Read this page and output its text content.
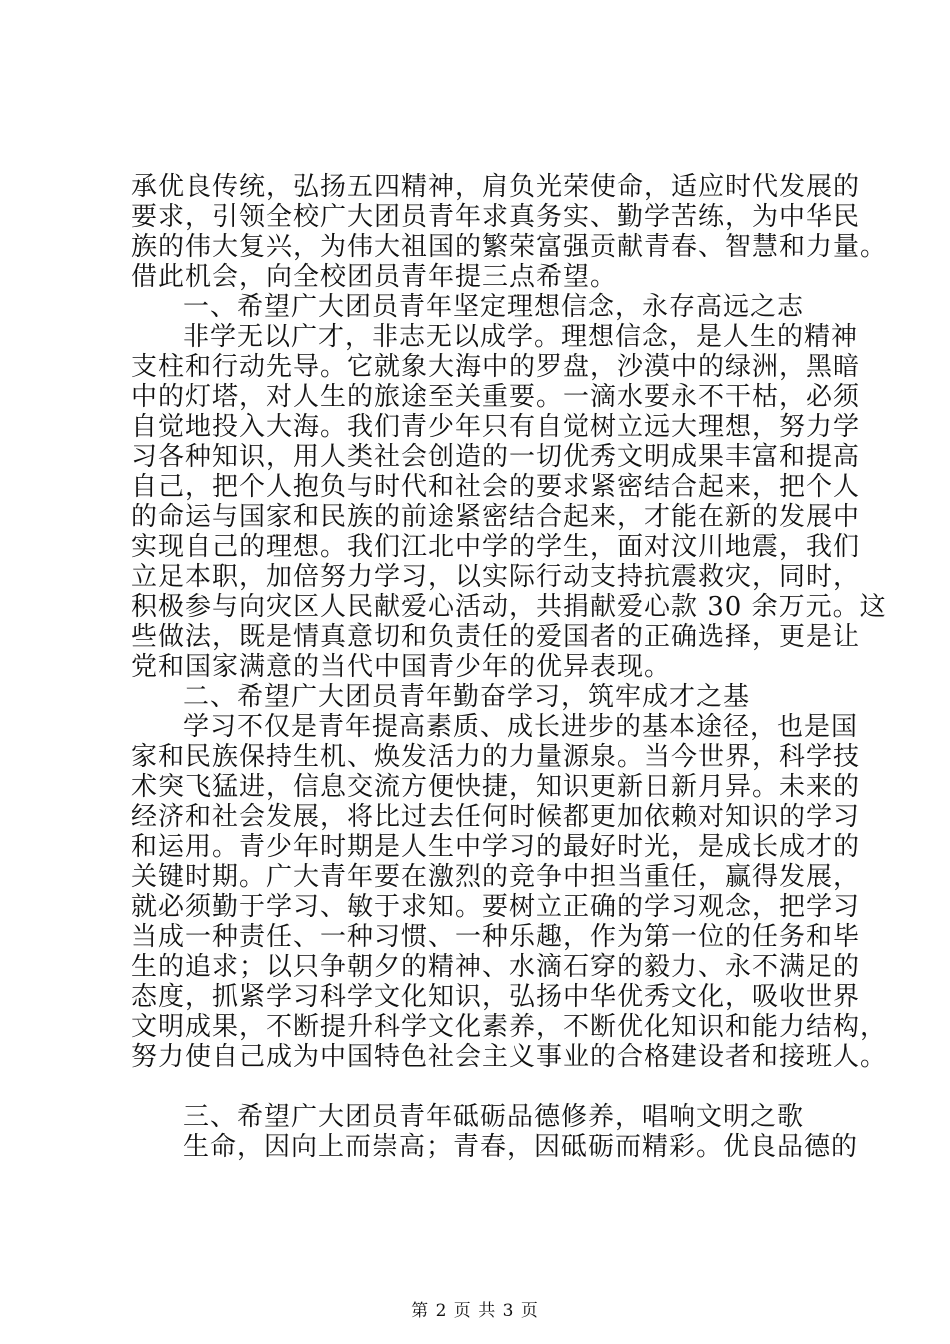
承优良传统，弘扬五四精神，肩负光荣使命，适应时代发展的
要求，引领全校广大团员青年求真务实、勤学苦练，为中华民
族的伟大复兴，为伟大祖国的繁荣富强贡献青春、智慧和力量。
借此机会，向全校团员青年提三点希望。
一、希望广大团员青年坚定理想信念，永存高远之志
非学无以广才，非志无以成学。理想信念，是人生的精神
支柱和行动先导。它就象大海中的罗盘，沙漠中的绿洲，黑暗
中的灯塔，对人生的旅途至关重要。一滴水要永不干枯，必须
自觉地投入大海。我们青少年只有自觉树立远大理想，努力学
习各种知识，用人类社会创造的一切优秀文明成果丰富和提高
自己，把个人抱负与时代和社会的要求紧密结合起来，把个人
的命运与国家和民族的前途紧密结合起来，才能在新的发展中
实现自己的理想。我们江北中学的学生，面对汶川地震，我们
立足本职，加倍努力学习，以实际行动支持抗震救灾，同时，
积极参与向灾区人民献爱心活动，共捐献爱心款 30 余万元。这
些做法，既是情真意切和负责任的爱国者的正确选择，更是让
党和国家满意的当代中国青少年的优异表现。
二、希望广大团员青年勤奋学习，筑牢成才之基
学习不仅是青年提高素质、成长进步的基本途径，也是国
家和民族保持生机、焕发活力的力量源泉。当今世界，科学技
术突飞猛进，信息交流方便快捷，知识更新日新月异。未来的
经济和社会发展，将比过去任何时候都更加依赖对知识的学习
和运用。青少年时期是人生中学习的最好时光，是成长成才的
关键时期。广大青年要在激烈的竞争中担当重任，赢得发展，
就必须勤于学习、敏于求知。要树立正确的学习观念，把学习
当成一种责任、一种习惯、一种乐趣，作为第一位的任务和毕
生的追求；以只争朝夕的精神、水滴石穿的毅力、永不满足的
态度，抓紧学习科学文化知识，弘扬中华优秀文化，吸收世界
文明成果，不断提升科学文化素养，不断优化知识和能力结构，
努力使自己成为中国特色社会主义事业的合格建设者和接班人。
三、希望广大团员青年砥砺品德修养，唱响文明之歌
生命，因向上而崇高；青春，因砥砺而精彩。优良品德的
第 2 页 共 3 页
